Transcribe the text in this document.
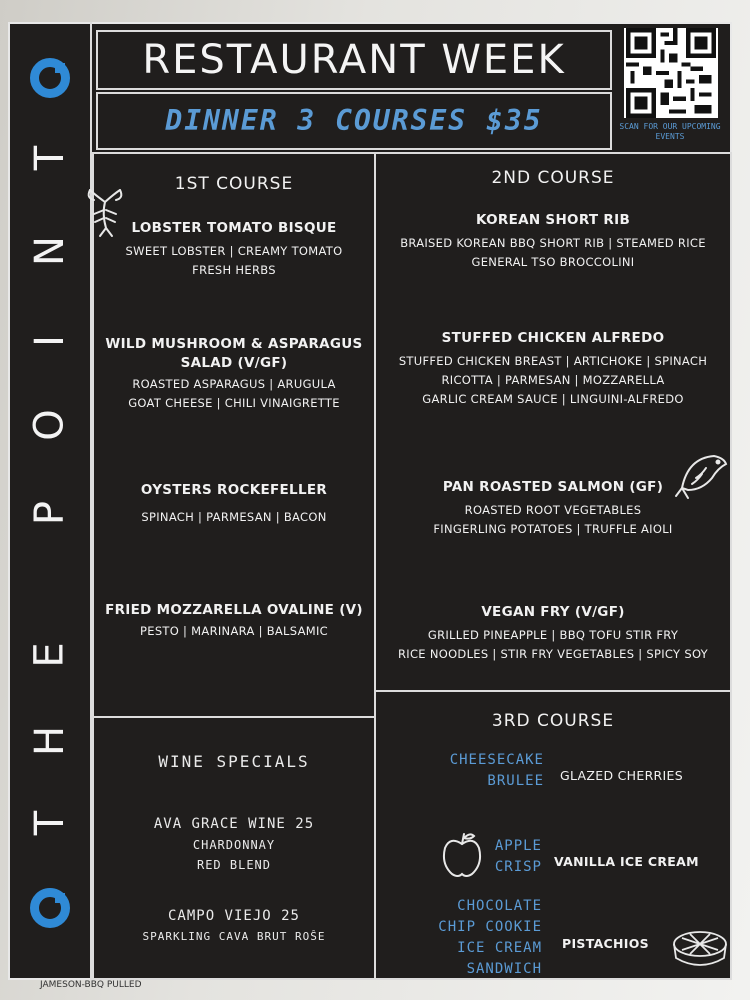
T
N
I
O
P
E
H
T
RESTAURANT WEEK
DINNER 3 COURSES $35	SCAN FOR OUR UPCOMING EVENTS
1ST COURSE
LOBSTER TOMATO BISQUE
SWEET LOBSTER | CREAMY TOMATO
FRESH HERBS
WILD MUSHROOM & ASPARAGUS
SALAD (V/GF)
ROASTED ASPARAGUS | ARUGULA
GOAT CHEESE | CHILI VINAIGRETTE
OYSTERS ROCKEFELLER
SPINACH | PARMESAN | BACON
FRIED MOZZARELLA OVALINE (V)
PESTO | MARINARA | BALSAMIC
2ND COURSE
KOREAN SHORT RIB
BRAISED KOREAN BBQ SHORT RIB | STEAMED RICE
GENERAL TSO BROCCOLINI
STUFFED CHICKEN ALFREDO
STUFFED CHICKEN BREAST | ARTICHOKE | SPINACH
RICOTTA | PARMESAN | MOZZARELLA
GARLIC CREAM SAUCE | LINGUINI-ALFREDO
PAN ROASTED SALMON (GF)
ROASTED ROOT VEGETABLES
FINGERLING POTATOES | TRUFFLE AIOLI
VEGAN FRY (V/GF)
GRILLED PINEAPPLE | BBQ TOFU STIR FRY
RICE NOODLES | STIR FRY VEGETABLES | SPICY SOY
WINE SPECIALS
AVA GRACE WINE 25
CHARDONNAY
RED BLEND
CAMPO VIEJO 25
SPARKLING CAVA BRUT ROŜE
3RD COURSE
CHEESECAKE
BRULEE GLAZED CHERRIES
APPLE
CRISP VANILLA ICE CREAM
CHOCOLATE
CHIP COOKIE
ICE CREAM
SANDWICH
PISTACHIOS
JAMESON-BBQ PULLED
